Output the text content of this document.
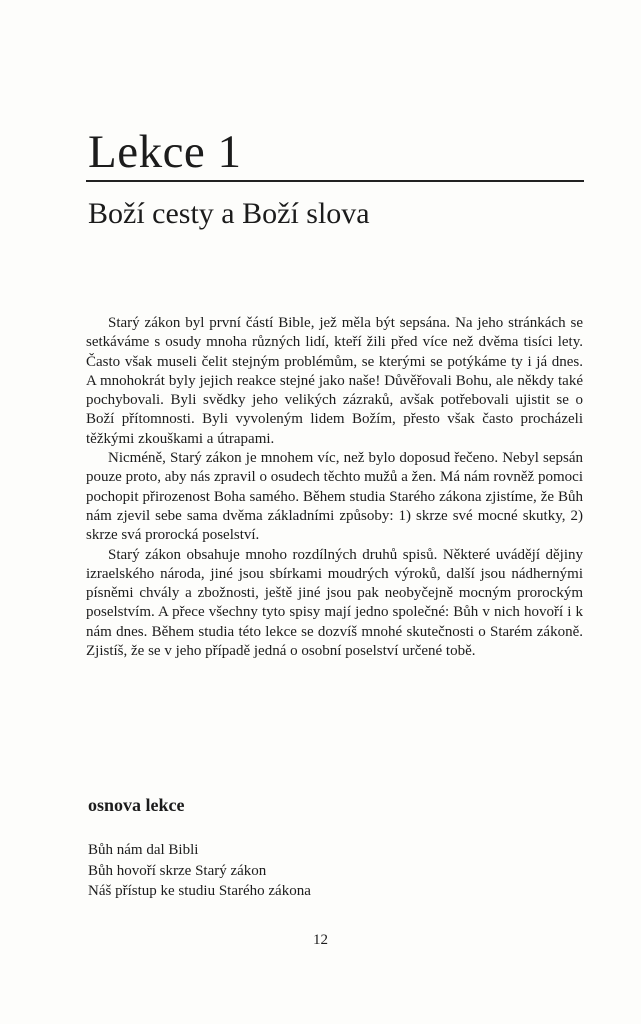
Lekce 1
Boží cesty a Boží slova

Starý zákon byl první částí Bible, jež měla být sepsána. Na jeho stránkách se setkáváme s osudy mnoha různých lidí, kteří žili před více než dvěma tisíci lety. Často však museli čelit stejným problémům, se kterými se potýkáme ty i já dnes. A mnohokrát byly jejich reakce stejné jako naše! Důvěřovali Bohu, ale někdy také pochybovali. Byli svědky jeho velikých zázraků, avšak potřebovali ujistit se o Boží přítomnosti. Byli vyvoleným lidem Božím, přesto však často procházeli těžkými zkouškami a útrapami.

Nicméně, Starý zákon je mnohem víc, než bylo doposud řečeno. Nebyl sepsán pouze proto, aby nás zpravil o osudech těchto mužů a žen. Má nám rovněž pomoci pochopit přirozenost Boha samého. Během studia Starého zákona zjistíme, že Bůh nám zjevil sebe sama dvěma základními způsoby: 1) skrze své mocné skutky, 2) skrze svá prorocká poselství.

Starý zákon obsahuje mnoho rozdílných druhů spisů. Některé uvádějí dějiny izraelského národa, jiné jsou sbírkami moudrých výroků, další jsou nádhernými písněmi chvály a zbožnosti, ještě jiné jsou pak neobyčejně mocným prorockým poselstvím. A přece všechny tyto spisy mají jedno společné: Bůh v nich hovoří i k nám dnes. Během studia této lekce se dozvíš mnohé skutečnosti o Starém zákoně. Zjistíš, že se v jeho případě jedná o osobní poselství určené tobě.

osnova lekce
Bůh nám dal Bibli
Bůh hovoří skrze Starý zákon
Náš přístup ke studiu Starého zákona
12
